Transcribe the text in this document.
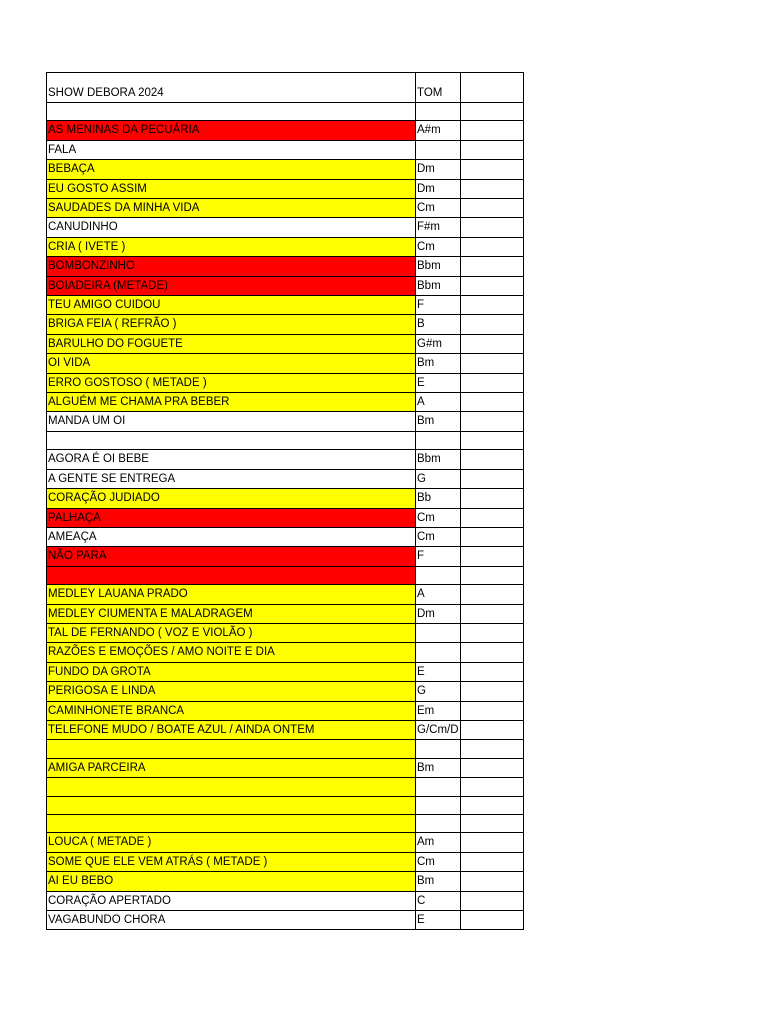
SHOW DEBORA 2024	TOM	

AS MENINAS DA PECUÁRIA	A#m	
FALA		
BEBAÇA	Dm	
EU GOSTO ASSIM	Dm	
SAUDADES DA MINHA VIDA	Cm	
CANUDINHO	F#m	
CRIA ( IVETE )	Cm	
BOMBONZINHO	Bbm	
BOIADEIRA (METADE)	Bbm	
TEU AMIGO CUIDOU	F	
BRIGA FEIA ( REFRÃO )	B	
BARULHO DO FOGUETE	G#m	
OI VIDA	Bm	
ERRO GOSTOSO ( METADE )	E	
ALGUÉM ME CHAMA PRA BEBER	A	
MANDA UM OI	Bm	

AGORA É OI BEBE	Bbm	
A GENTE SE ENTREGA	G	
CORAÇÃO JUDIADO	Bb	
PALHAÇA	Cm	
AMEAÇA	Cm	
NÃO PARA	F	

MEDLEY LAUANA PRADO	A	
MEDLEY CIUMENTA E MALADRAGEM	Dm	
TAL DE FERNANDO ( VOZ E VIOLÃO )		
RAZÕES E EMOÇÕES / AMO NOITE E DIA		
FUNDO DA GROTA	E	
PERIGOSA E LINDA	G	
CAMINHONETE BRANCA	Em	
TELEFONE MUDO / BOATE AZUL / AINDA ONTEM	G/Cm/D	

AMIGA PARCEIRA	Bm	

LOUCA ( METADE )	Am	
SOME QUE ELE VEM ATRÁS ( METADE )	Cm	
AI EU BEBO	Bm	
CORAÇÃO APERTADO	C	
VAGABUNDO CHORA	E	
